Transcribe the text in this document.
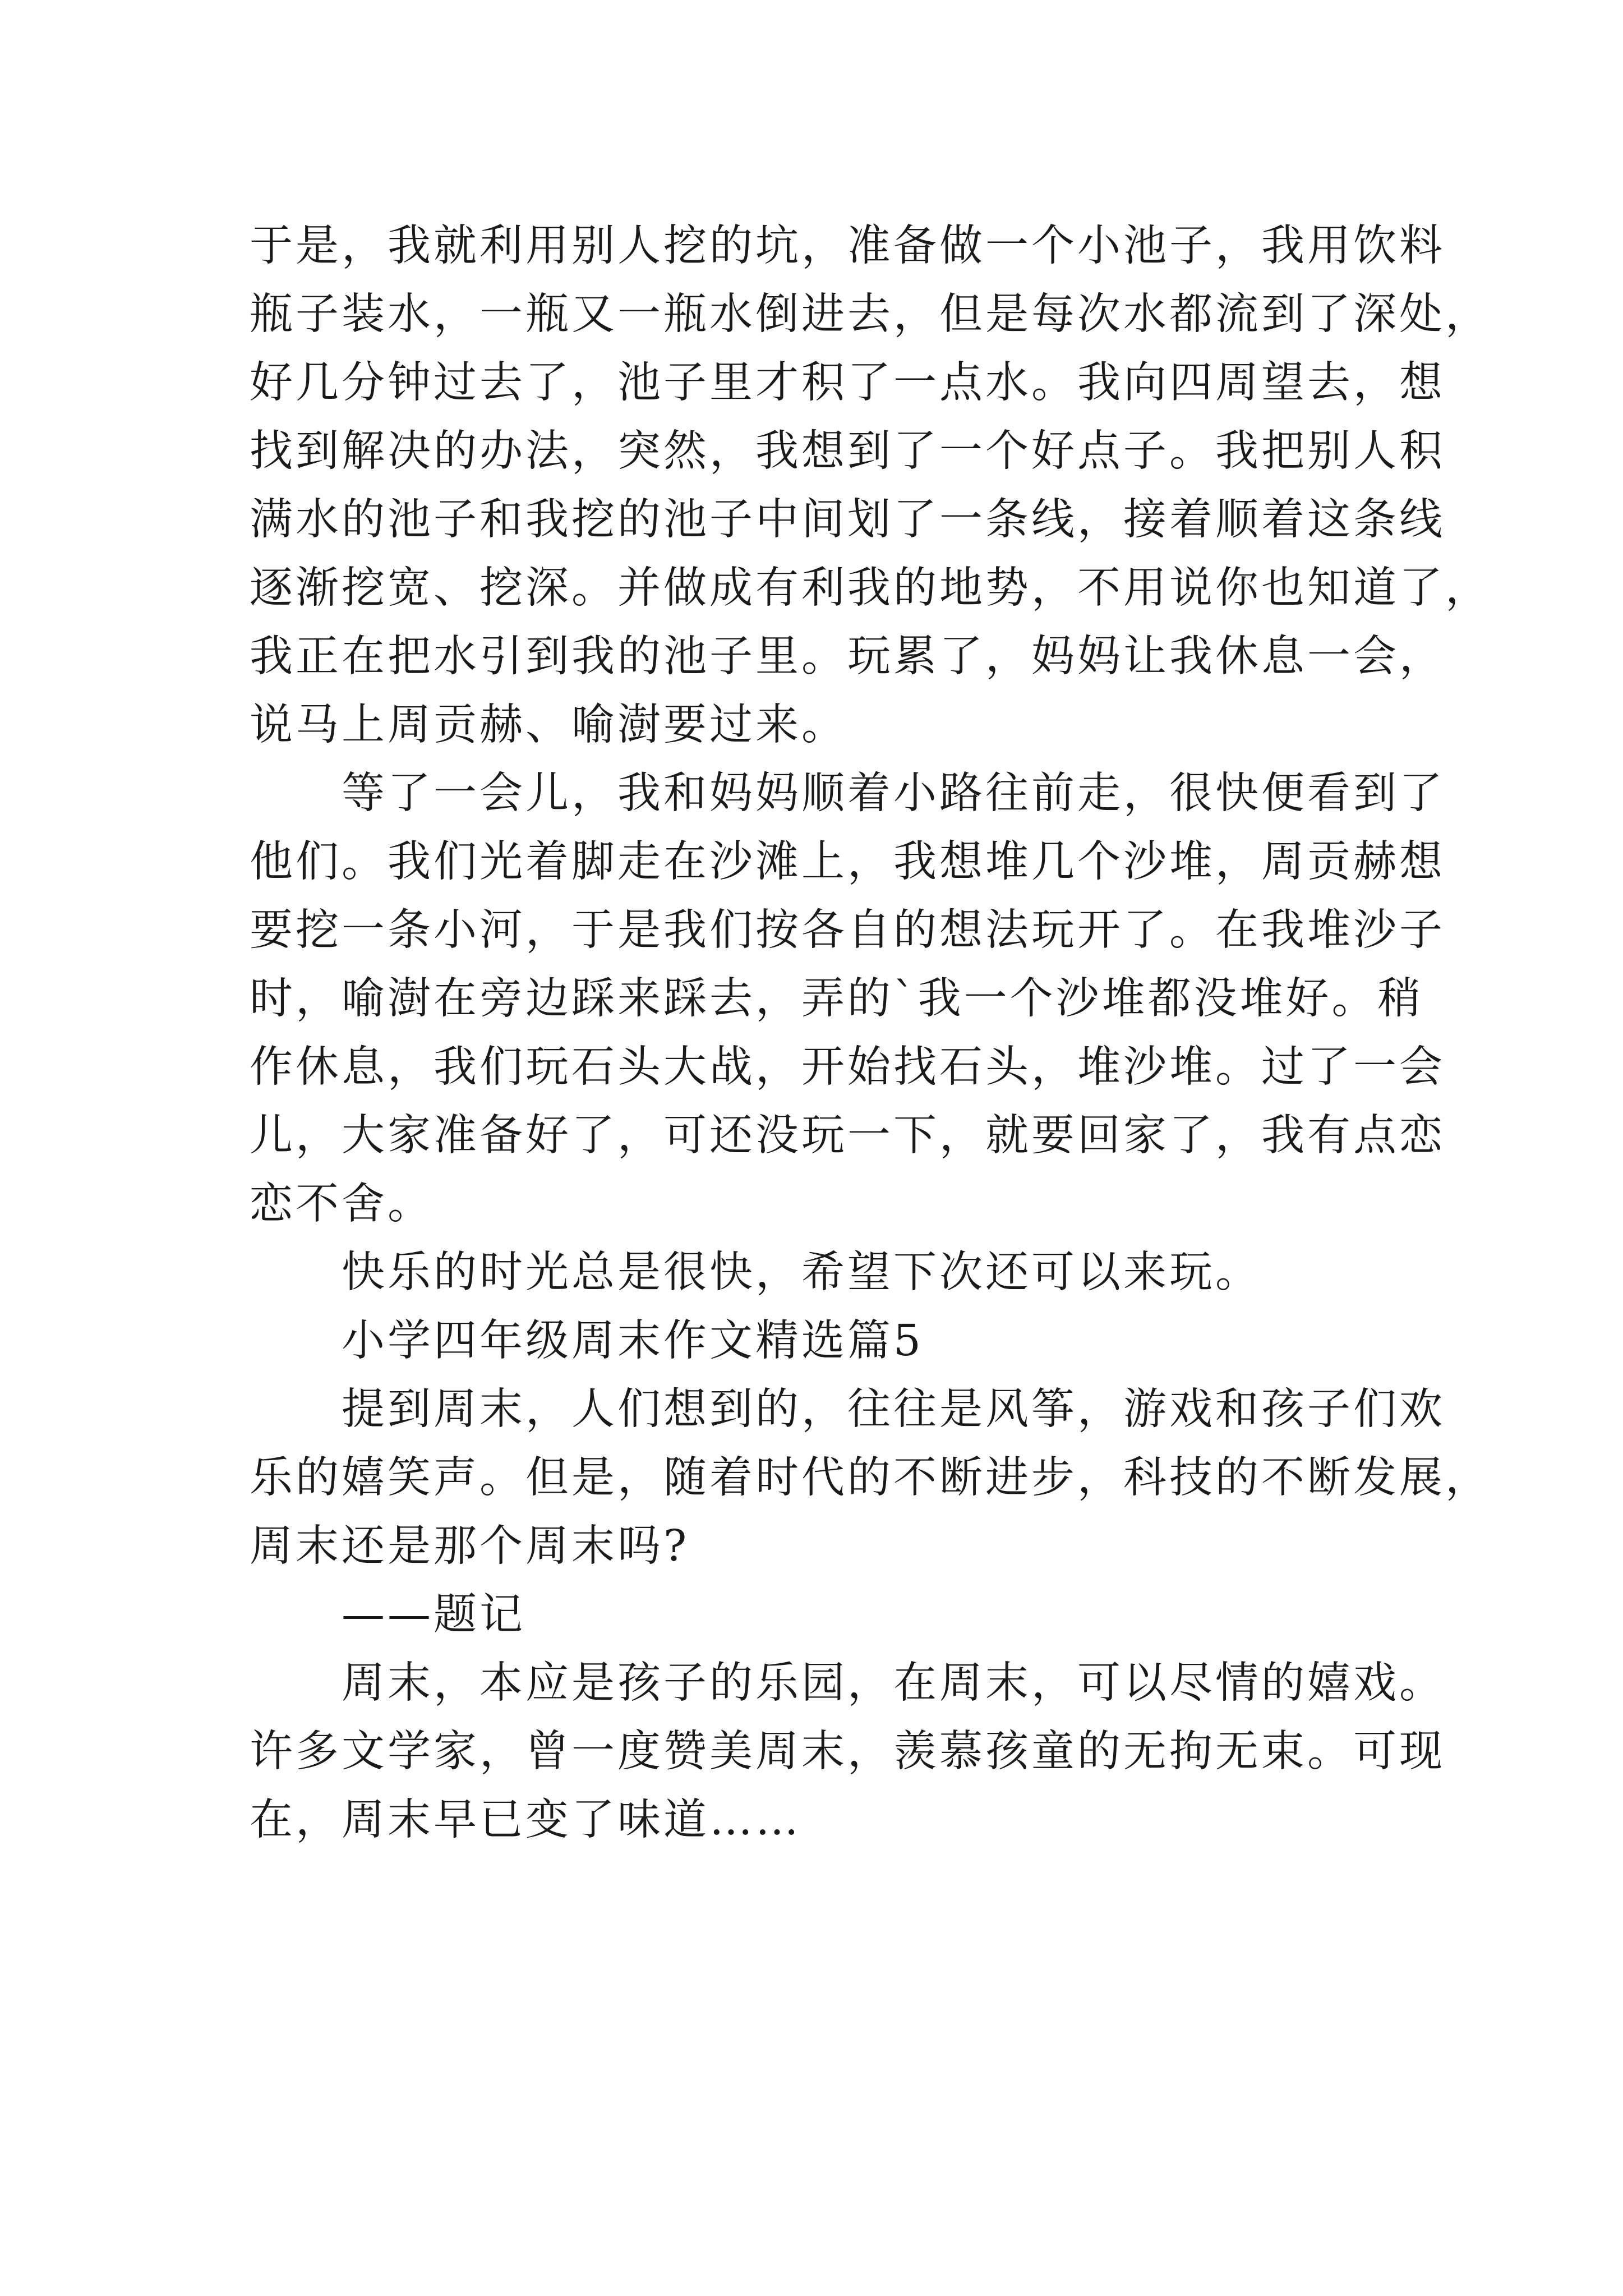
于是，我就利用别人挖的坑，准备做一个小池子，我用饮料
瓶子装水，一瓶又一瓶水倒进去，但是每次水都流到了深处，
好几分钟过去了，池子里才积了一点水。我向四周望去，想
找到解决的办法，突然，我想到了一个好点子。我把别人积
满水的池子和我挖的池子中间划了一条线，接着顺着这条线
逐渐挖宽、挖深。并做成有利我的地势，不用说你也知道了，
我正在把水引到我的池子里。玩累了，妈妈让我休息一会，
说马上周贡赫、喻澍要过来。
　　等了一会儿，我和妈妈顺着小路往前走，很快便看到了
他们。我们光着脚走在沙滩上，我想堆几个沙堆，周贡赫想
要挖一条小河，于是我们按各自的想法玩开了。在我堆沙子
时，喻澍在旁边踩来踩去，弄的`我一个沙堆都没堆好。稍
作休息，我们玩石头大战，开始找石头，堆沙堆。过了一会
儿，大家准备好了，可还没玩一下，就要回家了，我有点恋
恋不舍。
　　快乐的时光总是很快，希望下次还可以来玩。
　　小学四年级周末作文精选篇5
　　提到周末，人们想到的，往往是风筝，游戏和孩子们欢
乐的嬉笑声。但是，随着时代的不断进步，科技的不断发展，
周末还是那个周末吗?
　　——题记
　　周末，本应是孩子的乐园，在周末，可以尽情的嬉戏。
许多文学家，曾一度赞美周末，羡慕孩童的无拘无束。可现
在，周末早已变了味道……
